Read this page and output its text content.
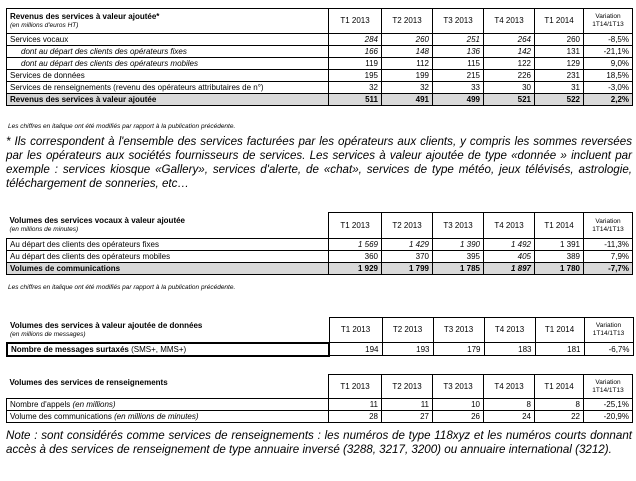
Revenus des services à valeur ajoutée*
(en millions d'euros HT)	T1 2013	T2 2013	T3 2013	T4 2013	T1 2014	Variation
1T14/1T13
Services vocaux	284	260	251	264	260	-8,5%
dont au départ des clients des opérateurs fixes	166	148	136	142	131	-21,1%
dont au départ des clients des opérateurs mobiles	119	112	115	122	129	9,0%
Services de données	195	199	215	226	231	18,5%
Services de renseignements (revenu des opérateurs attributaires de n°)	32	32	33	30	31	-3,0%
Revenus des services à valeur ajoutée	511	491	499	521	522	2,2%
Les chiffres en italique ont été modifiés par rapport à la publication précédente.
* Ils correspondent à l'ensemble des services facturées par les opérateurs aux clients, y compris les sommes reversées par les opérateurs aux sociétés fournisseurs de services. Les services à valeur ajoutée de type «donnée » incluent par exemple : services kiosque «Gallery», services d'alerte, de «chat», services de type météo, jeux télévisés, astrologie, téléchargement de sonneries, etc…
Volumes des services vocaux à valeur ajoutée
(en millions de minutes)	T1 2013	T2 2013	T3 2013	T4 2013	T1 2014	Variation
1T14/1T13
Au départ des clients des opérateurs fixes	1 569	1 429	1 390	1 492	1 391	-11,3%
Au départ des clients des opérateurs mobiles	360	370	395	405	389	7,9%
Volumes de communications	1 929	1 799	1 785	1 897	1 780	-7,7%
Les chiffres en italique ont été modifiés par rapport à la publication précédente.
Volumes des services à valeur ajoutée de données
(en millions de messages)	T1 2013	T2 2013	T3 2013	T4 2013	T1 2014	Variation
1T14/1T13
Nombre de messages surtaxés (SMS+, MMS+)	194	193	179	183	181	-6,7%
Volumes des services de renseignements	T1 2013	T2 2013	T3 2013	T4 2013	T1 2014	Variation
1T14/1T13
Nombre d'appels (en millions)	11	11	10	8	8	-25,1%
Volume des communications (en millions de minutes)	28	27	26	24	22	-20,9%
Note : sont considérés comme services de renseignements : les numéros de type 118xyz et les numéros courts donnant accès à des services de renseignement de type annuaire inversé (3288, 3217, 3200) ou annuaire international (3212).
